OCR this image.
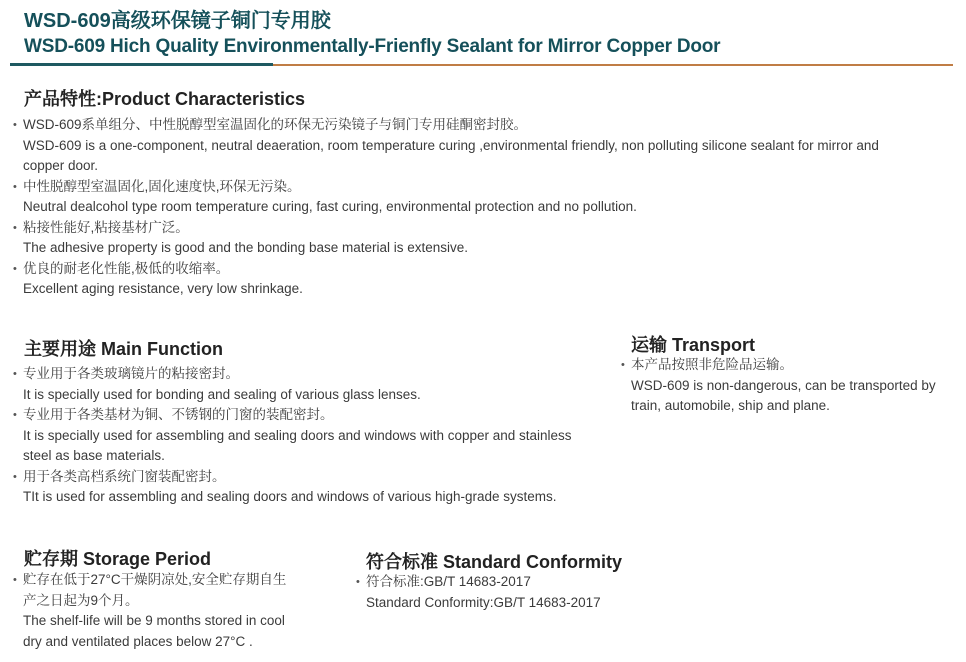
WSD-609高级环保镜子铜门专用胶
WSD-609 Hich Quality Environmentally-Frienfly Sealant for Mirror Copper Door
产品特性:Product Characteristics
• WSD-609系单组分、中性脱醇型室温固化的环保无污染镜子与铜门专用硅酮密封胶。
WSD-609 is a one-component, neutral deaeration, room temperature curing ,environmental friendly, non polluting silicone sealant for mirror and
copper door.
• 中性脱醇型室温固化,固化速度快,环保无污染。
Neutral dealcohol type room temperature curing, fast curing, environmental protection and no pollution.
• 粘接性能好,粘接基材广泛。
The adhesive property is good and the bonding base material is extensive.
• 优良的耐老化性能,极低的收缩率。
Excellent aging resistance, very low shrinkage.
主要用途 Main Function
• 专业用于各类玻璃镜片的粘接密封。
It is specially used for bonding and sealing of various glass lenses.
• 专业用于各类基材为铜、不锈钢的门窗的装配密封。
It is specially used for assembling and sealing doors and windows with copper and stainless
steel as base materials.
• 用于各类高档系统门窗装配密封。
TIt is used for assembling and sealing doors and windows of various high-grade systems.
运输 Transport
• 本产品按照非危险品运输。
WSD-609 is non-dangerous, can be transported by
train, automobile, ship and plane.
贮存期 Storage Period
• 贮存在低于27°C干燥阴凉处,安全贮存期自生
产之日起为9个月。
The shelf-life will be 9 months stored in cool
dry and ventilated places below 27°C .
符合标准 Standard Conformity
• 符合标准:GB/T 14683-2017
Standard Conformity:GB/T 14683-2017
